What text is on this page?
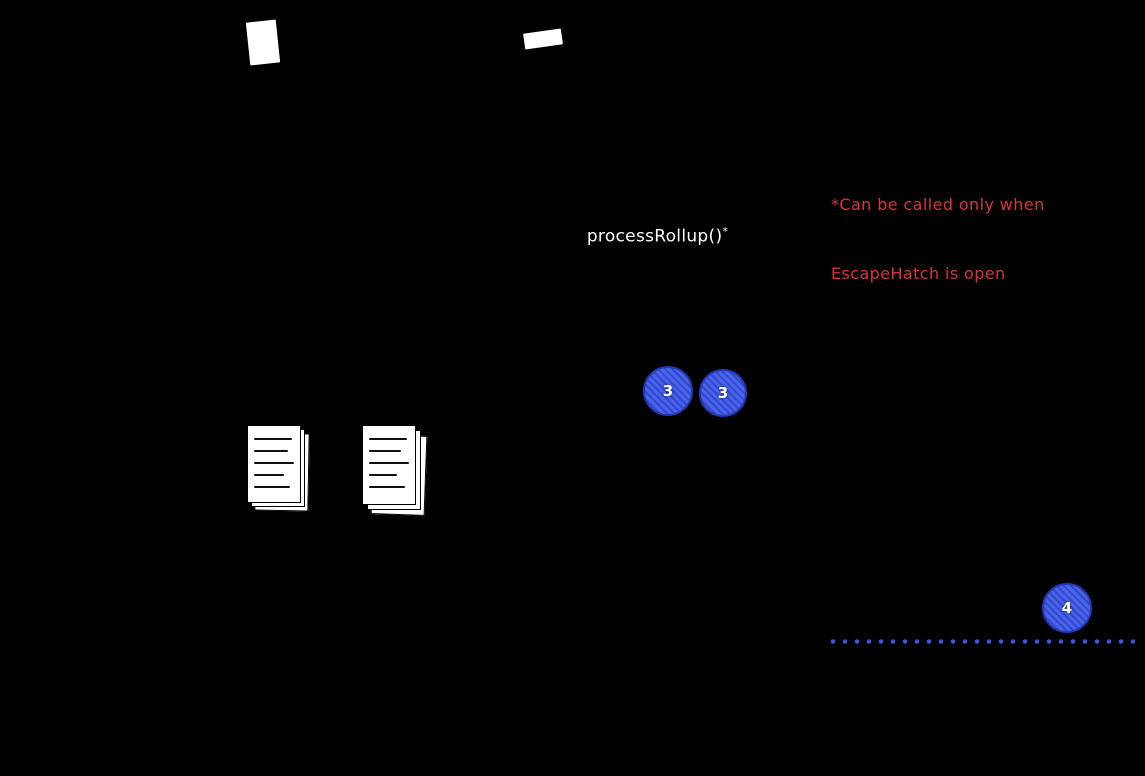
*Can be called only when

EscapeHatch is open

processRollup()*

3	3
4
